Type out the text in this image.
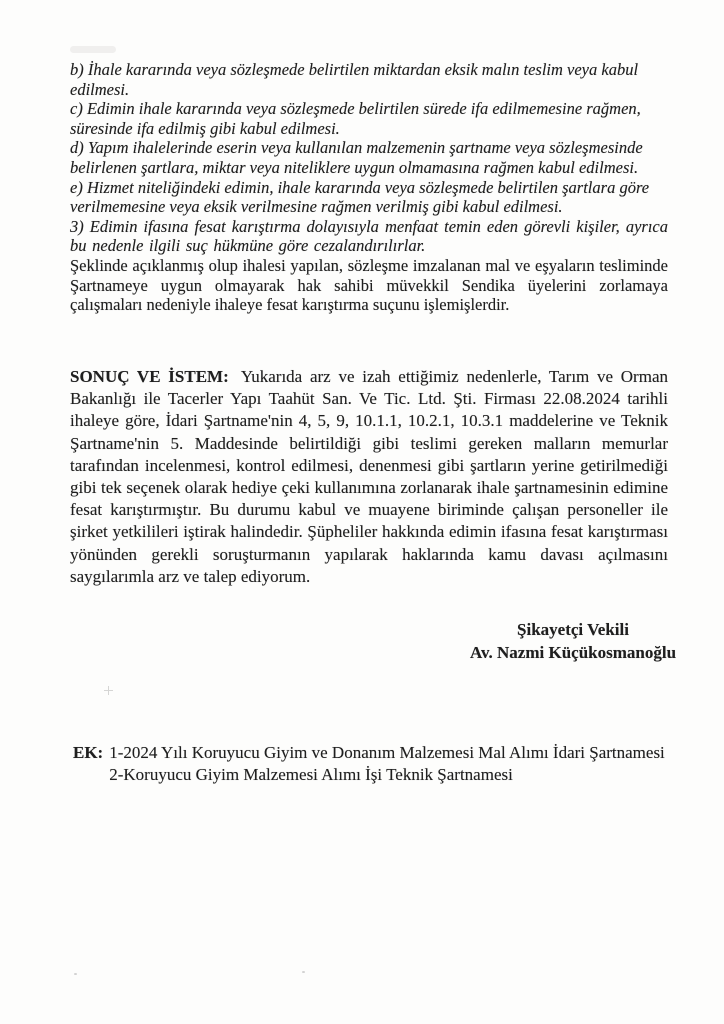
b) İhale kararında veya sözleşmede belirtilen miktardan eksik malın teslim veya kabul edilmesi.

c) Edimin ihale kararında veya sözleşmede belirtilen sürede ifa edilmemesine rağmen, süresinde ifa edilmiş gibi kabul edilmesi.

d) Yapım ihalelerinde eserin veya kullanılan malzemenin şartname veya sözleşmesinde belirlenen şartlara, miktar veya niteliklere uygun olmamasına rağmen kabul edilmesi.

e) Hizmet niteliğindeki edimin, ihale kararında veya sözleşmede belirtilen şartlara göre verilmemesine veya eksik verilmesine rağmen verilmiş gibi kabul edilmesi.

3) Edimin ifasına fesat karıştırma dolayısıyla menfaat temin eden görevli kişiler, ayrıca bu nedenle ilgili suç hükmüne göre cezalandırılırlar.

Şeklinde açıklanmış olup ihalesi yapılan, sözleşme imzalanan mal ve eşyaların tesliminde Şartnameye uygun olmayarak hak sahibi müvekkil Sendika üyelerini zorlamaya çalışmaları nedeniyle ihaleye fesat karıştırma suçunu işlemişlerdir.

SONUÇ VE İSTEM: Yukarıda arz ve izah ettiğimiz nedenlerle, Tarım ve Orman Bakanlığı ile Tacerler Yapı Taahüt San. Ve Tic. Ltd. Şti. Firması 22.08.2024 tarihli ihaleye göre, İdari Şartname'nin 4, 5, 9, 10.1.1, 10.2.1, 10.3.1 maddelerine ve Teknik Şartname'nin 5. Maddesinde belirtildiği gibi teslimi gereken malların memurlar tarafından incelenmesi, kontrol edilmesi, denenmesi gibi şartların yerine getirilmediği gibi tek seçenek olarak hediye çeki kullanımına zorlanarak ihale şartnamesinin edimine fesat karıştırmıştır. Bu durumu kabul ve muayene biriminde çalışan personeller ile şirket yetkilileri iştirak halindedir. Şüpheliler hakkında edimin ifasına fesat karıştırması yönünden gerekli soruşturmanın yapılarak haklarında kamu davası açılmasını saygılarımla arz ve talep ediyorum.

Şikayetçi Vekili
Av. Nazmi Küçükosmanoğlu
EK: 1-2024 Yılı Koruyucu Giyim ve Donanım Malzemesi Mal Alımı İdari Şartnamesi
2-Koruyucu Giyim Malzemesi Alımı İşi Teknik Şartnamesi
